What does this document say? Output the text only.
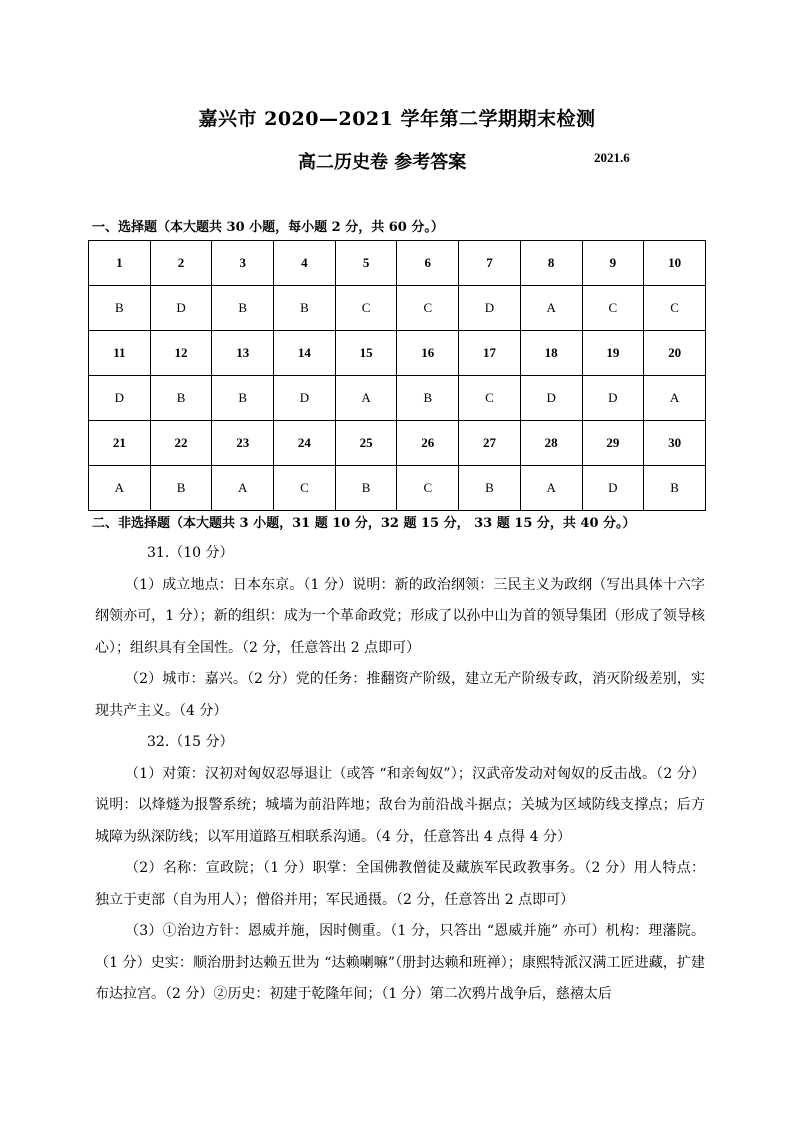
嘉兴市 2020—2021 学年第二学期期末检测
高二历史卷 参考答案	2021.6
一、选择题（本大题共 30 小题，每小题 2 分，共 60 分。）
1	2	3	4	5	6	7	8	9	10
B	D	B	B	C	C	D	A	C	C
11	12	13	14	15	16	17	18	19	20
D	B	B	D	A	B	C	D	D	A
21	22	23	24	25	26	27	28	29	30
A	B	A	C	B	C	B	A	D	B
二、非选择题（本大题共 3 小题，31 题 10 分，32 题 15 分， 33 题 15 分，共 40 分。）

31.（10 分）

（1）成立地点：日本东京。（1 分）说明：新的政治纲领：三民主义为政纲（写出具体十六字纲领亦可，1 分）；新的组织：成为一个革命政党；形成了以孙中山为首的领导集团（形成了领导核心）；组织具有全国性。（2 分，任意答出 2 点即可）

（2）城市：嘉兴。（2 分）党的任务：推翻资产阶级，建立无产阶级专政，消灭阶级差别，实现共产主义。（4 分）

32.（15 分）

（1）对策：汉初对匈奴忍辱退让（或答 “和亲匈奴”）；汉武帝发动对匈奴的反击战。（2 分）说明：以烽燧为报警系统；城墙为前沿阵地；敌台为前沿战斗据点；关城为区域防线支撑点；后方城障为纵深防线；以军用道路互相联系沟通。（4 分，任意答出 4 点得 4 分）

（2）名称：宣政院；（1 分）职掌：全国佛教僧徒及藏族军民政教事务。（2 分）用人特点：独立于吏部（自为用人）；僧俗并用；军民通摄。（2 分，任意答出 2 点即可）

（3）①治边方针：恩威并施，因时侧重。（1 分，只答出 “恩威并施” 亦可）机构：理藩院。（1 分）史实：顺治册封达赖五世为 “达赖喇嘛”（册封达赖和班禅）；康熙特派汉满工匠进藏，扩建布达拉宫。（2 分）②历史：初建于乾隆年间；（1 分）第二次鸦片战争后，慈禧太后
